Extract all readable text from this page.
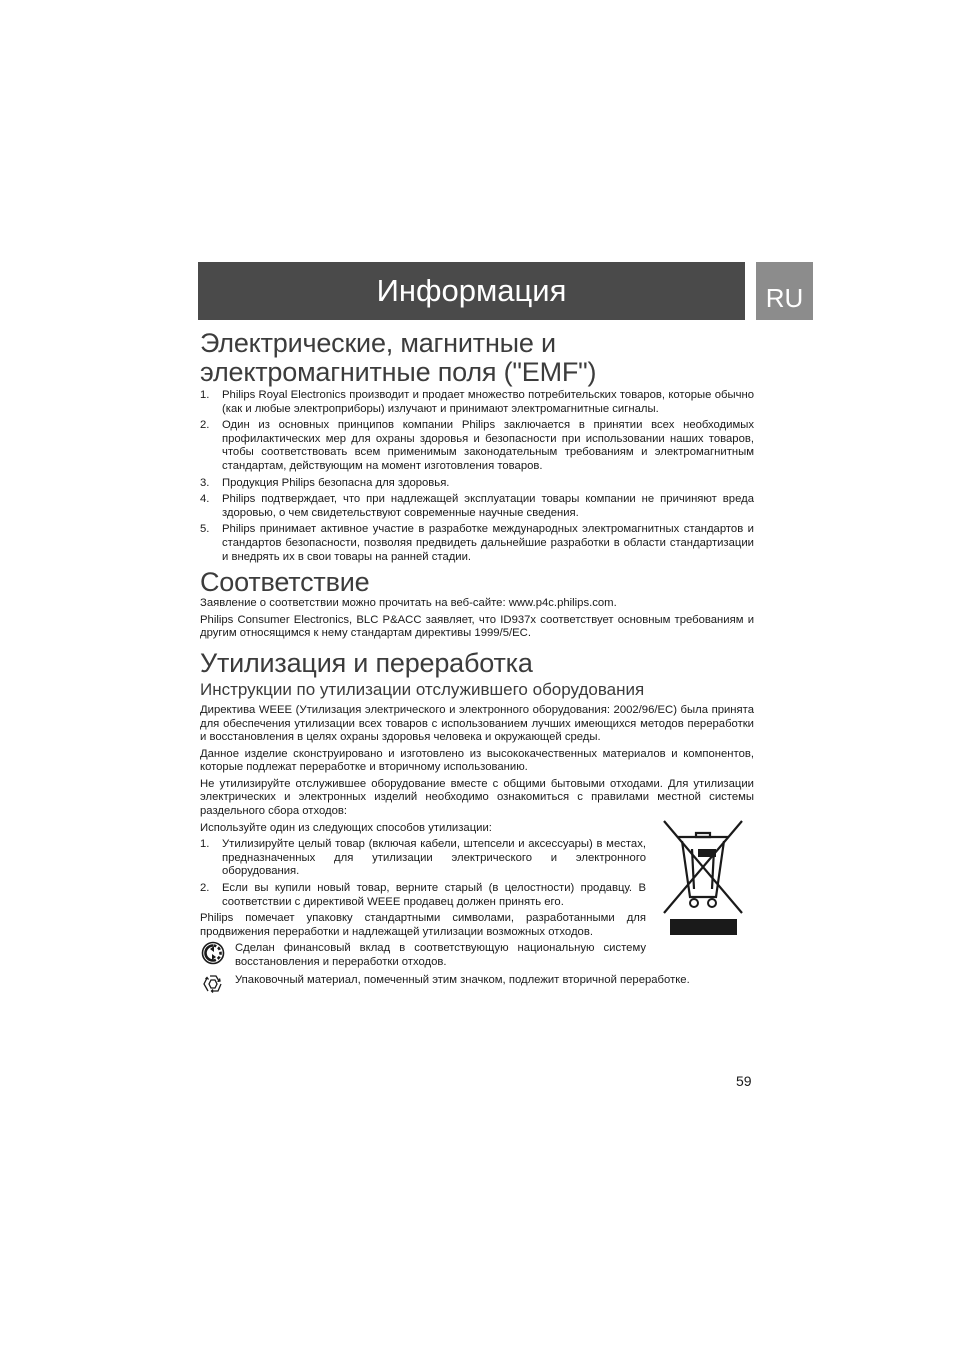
Информация	RU
Электрические, магнитные и
электромагнитные поля ("EMF")
1. Philips Royal Electronics производит и продает множество потребительских товаров, которые обычно (как и любые электроприборы) излучают и принимают электромагнитные сигналы.
2. Один из основных принципов компании Philips заключается в принятии всех необходимых профилактических мер для охраны здоровья и безопасности при использовании наших товаров, чтобы соответствовать всем применимым законодательным требованиям и электромагнитным стандартам, действующим на момент изготовления товаров.
3. Продукция Philips безопасна для здоровья.
4. Philips подтверждает, что при надлежащей эксплуатации товары компании не причиняют вреда здоровью, о чем свидетельствуют современные научные сведения.
5. Philips принимает активное участие в разработке международных электромагнитных стандартов и стандартов безопасности, позволяя предвидеть дальнейшие разработки в области стандартизации и внедрять их в свои товары на ранней стадии.
Соответствие

Заявление о соответствии можно прочитать на веб-сайте: www.p4c.philips.com.

Philips Consumer Electronics, BLC P&ACC заявляет, что ID937x соответствует основным требованиям и другим относящимся к нему стандартам директивы 1999/5/EC.

Утилизация и переработка
Инструкции по утилизации отслужившего оборудования

Директива WEEE (Утилизация электрического и электронного оборудования: 2002/96/EC) была принята для обеспечения утилизации всех товаров с использованием лучших имеющихся методов переработки и восстановления в целях охраны здоровья человека и окружающей среды.

Данное изделие сконструировано и изготовлено из высококачественных материалов и компонентов, которые подлежат переработке и вторичному использованию.

Не утилизируйте отслужившее оборудование вместе с общими бытовыми отходами. Для утилизации электрических и электронных изделий необходимо ознакомиться с правилами местной системы раздельного сбора отходов:

Используйте один из следующих способов утилизации:

1. Утилизируйте целый товар (включая кабели, штепсели и аксессуары) в местах, предназначенных для утилизации электрического и электронного оборудования.
2. Если вы купили новый товар, верните старый (в целостности) продавцу. В соответствии с директивой WEEE продавец должен принять его.

Philips помечает упаковку стандартными символами, разработанными для продвижения переработки и надлежащей утилизации возможных отходов.

Сделан финансовый вклад в соответствующую национальную систему восстановления и переработки отходов.
Упаковочный материал, помеченный этим значком, подлежит вторичной переработке.
59
